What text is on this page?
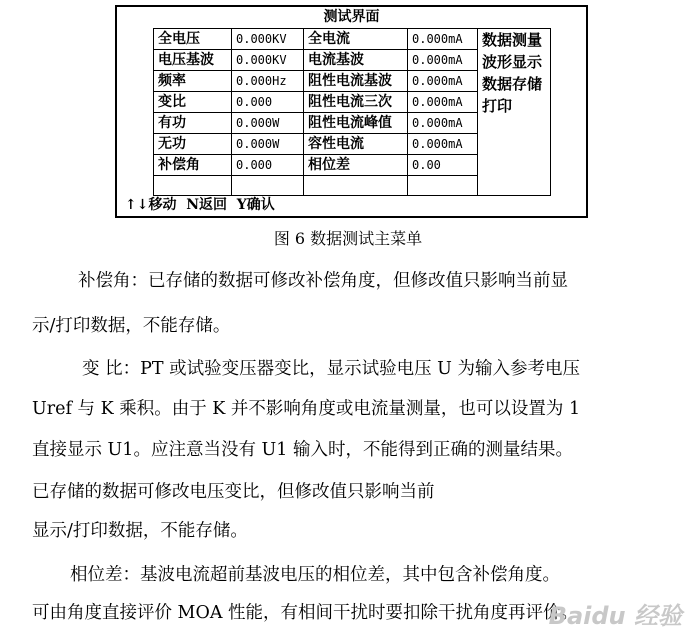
测试界面
全电压	0.000KV	全电流	0.000mA	数据测量
波形显示
数据存储
打印

电压基波	0.000KV	电流基波	0.000mA	
频率	0.000Hz	阻性电流基波	0.000mA	
变比	0.000	阻性电流三次	0.000mA	
有功	0.000W	阻性电流峰值	0.000mA	
无功	0.000W	容性电流	0.000mA	
补偿角	0.000	相位差	0.00	

↑↓移动  N返回  Y确认
图 6 数据测试主菜单
补偿角：已存储的数据可修改补偿角度，但修改值只影响当前显
示/打印数据，不能存储。
变 比：PT 或试验变压器变比，显示试验电压 U 为输入参考电压
Uref 与 K 乘积。由于 K 并不影响角度或电流量测量，也可以设置为 1
直接显示 U1。应注意当没有 U1 输入时，不能得到正确的测量结果。
已存储的数据可修改电压变比，但修改值只影响当前
显示/打印数据，不能存储。
相位差：基波电流超前基波电压的相位差，其中包含补偿角度。
可由角度直接评价 MOA 性能，有相间干扰时要扣除干扰角度再评价。
Baidu 经验
